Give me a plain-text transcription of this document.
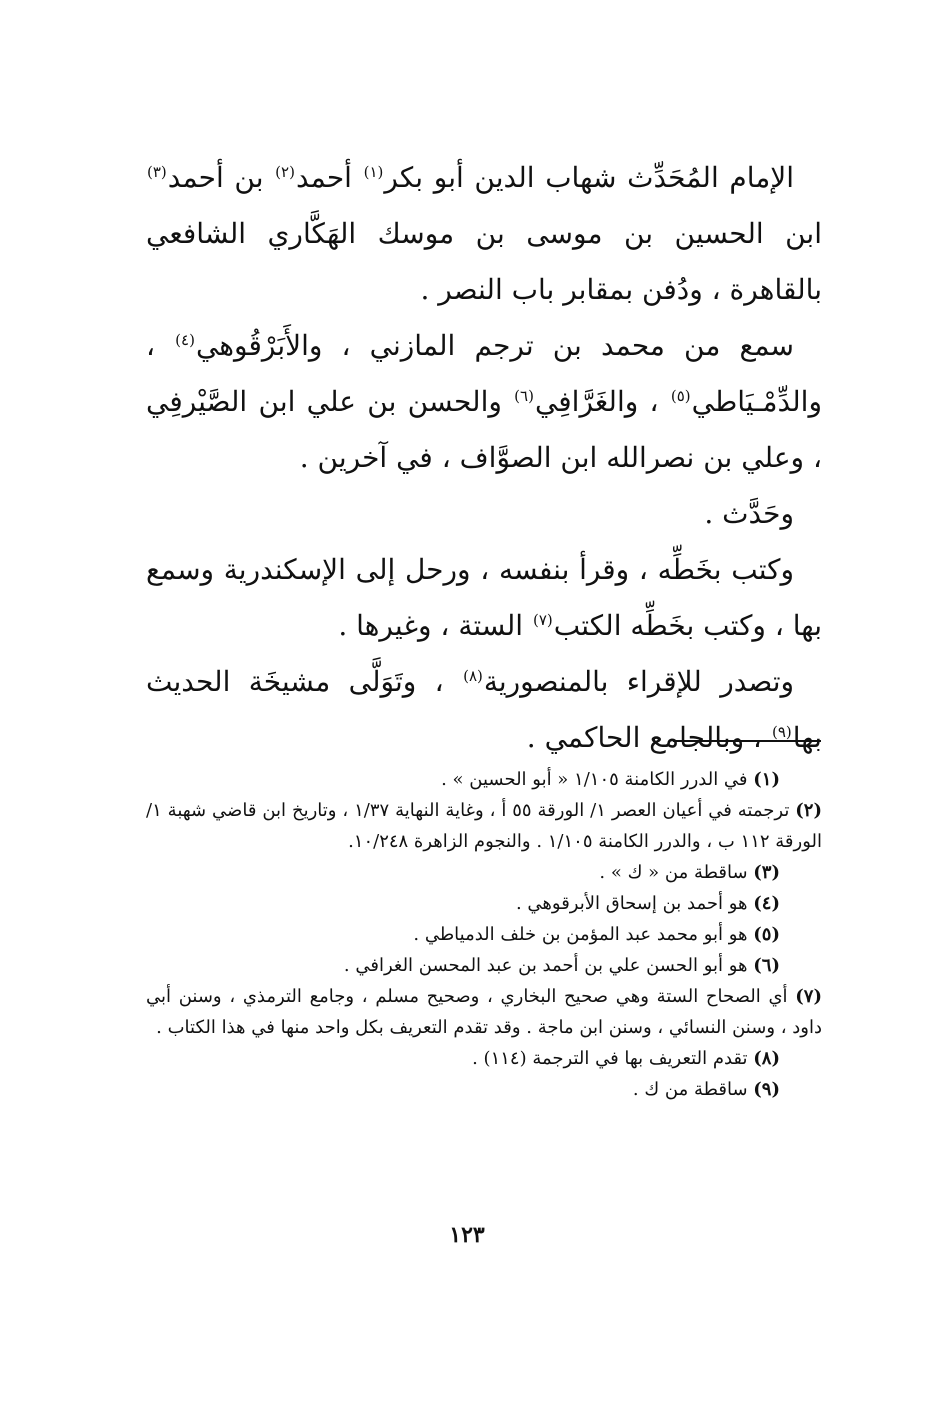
الإمام المُحَدِّث شهاب الدين أبو بكر$^{(١)}$ أحمد$^{(٢)}$ بن أحمد$^{(٣)}$ ابن الحسين بن موسى بن موسك الهَكَّاري الشافعي بالقاهرة ، ودُفن بمقابر باب النصر .

سمع من محمد بن ترجم المازني ، والأَبَرْقُوهي$^{(٤)}$ ، والدِّمْـيَاطي$^{(٥)}$ ، والغَرَّافِي$^{(٦)}$ والحسن بن علي ابن الصَّيْرفِي ، وعلي بن نصرالله ابن الصوَّاف ، في آخرين .

وحَدَّث .

وكتب بخَطِّه ، وقرأ بنفسه ، ورحل إلى الإسكندرية وسمع بها ، وكتب بخَطِّه الكتب$^{(٧)}$ الستة ، وغيرها .

وتصدر للإقراء بالمنصورية$^{(٨)}$ ، وتَوَلَّى مشيخَة الحديث بها$^{(٩)}$ ، وبالجامع الحاكمي .

(١) في الدرر الكامنة ١/١٠٥ « أبو الحسين » .

(٢) ترجمته في أعيان العصر ١/ الورقة ٥٥ أ ، وغاية النهاية ١/٣٧ ، وتاريخ ابن قاضي شهبة ١/ الورقة ١١٢ ب ، والدرر الكامنة ١/١٠٥ . والنجوم الزاهرة ١٠/٢٤٨.

(٣) ساقطة من « ك » .

(٤) هو أحمد بن إسحاق الأبرقوهي .

(٥) هو أبو محمد عبد المؤمن بن خلف الدمياطي .

(٦) هو أبو الحسن علي بن أحمد بن عبد المحسن الغرافي .

(٧) أي الصحاح الستة وهي صحيح البخاري ، وصحيح مسلم ، وجامع الترمذي ، وسنن أبي داود ، وسنن النسائي ، وسنن ابن ماجة . وقد تقدم التعريف بكل واحد منها في هذا الكتاب .

(٨) تقدم التعريف بها في الترجمة (١١٤) .

(٩) ساقطة من ك .

١٢٣
